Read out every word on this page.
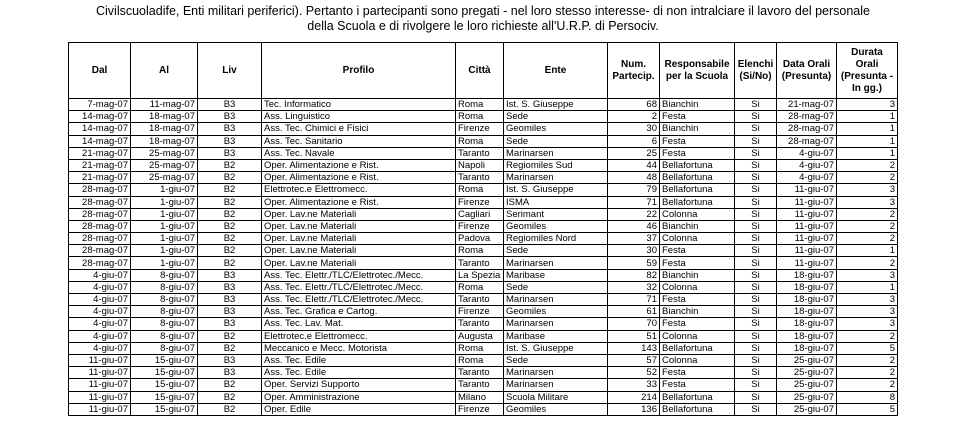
Civilscuoladife, Enti militari periferici). Pertanto i partecipanti sono pregati - nel loro stesso interesse- di non intralciare il lavoro del personale
della Scuola e di rivolgere le loro richieste all'U.R.P. di Persociv.
Dal	Al	Liv	Profilo	Città	Ente	Num. Partecip.	Responsabile per la Scuola	Elenchi (Si/No)	Data Orali (Presunta)	Durata Orali (Presunta - In gg.)
7-mag-07	11-mag-07	B3	Tec. Informatico	Roma	Ist. S. Giuseppe	68	Bianchin	Si	21-mag-07	3
14-mag-07	18-mag-07	B3	Ass. Linguistico	Roma	Sede	2	Festa	Si	28-mag-07	1
14-mag-07	18-mag-07	B3	Ass. Tec. Chimici e Fisici	Firenze	Geomiles	30	Bianchin	Si	28-mag-07	1
14-mag-07	18-mag-07	B3	Ass. Tec. Sanitario	Roma	Sede	6	Festa	Si	28-mag-07	1
21-mag-07	25-mag-07	B3	Ass. Tec. Navale	Taranto	Marinarsen	25	Festa	Si	4-giu-07	1
21-mag-07	25-mag-07	B2	Oper. Alimentazione e Rist.	Napoli	Regiomiles Sud	44	Bellafortuna	Si	4-giu-07	2
21-mag-07	25-mag-07	B2	Oper. Alimentazione e Rist.	Taranto	Marinarsen	48	Bellafortuna	Si	4-giu-07	2
28-mag-07	1-giu-07	B2	Elettrotec.e Elettromecc.	Roma	Ist. S. Giuseppe	79	Bellafortuna	Si	11-giu-07	3
28-mag-07	1-giu-07	B2	Oper. Alimentazione e Rist.	Firenze	ISMA	71	Bellafortuna	Si	11-giu-07	3
28-mag-07	1-giu-07	B2	Oper. Lav.ne Materiali	Cagliari	Serimant	22	Colonna	Si	11-giu-07	2
28-mag-07	1-giu-07	B2	Oper. Lav.ne Materiali	Firenze	Geomiles	46	Bianchin	Si	11-giu-07	2
28-mag-07	1-giu-07	B2	Oper. Lav.ne Materiali	Padova	Regiomiles Nord	37	Colonna	Si	11-giu-07	2
28-mag-07	1-giu-07	B2	Oper. Lav.ne Materiali	Roma	Sede	30	Festa	Si	11-giu-07	1
28-mag-07	1-giu-07	B2	Oper. Lav.ne Materiali	Taranto	Marinarsen	59	Festa	Si	11-giu-07	2
4-giu-07	8-giu-07	B3	Ass. Tec. Elettr./TLC/Elettrotec./Mecc.	La Spezia	Maribase	82	Bianchin	Si	18-giu-07	3
4-giu-07	8-giu-07	B3	Ass. Tec. Elettr./TLC/Elettrotec./Mecc.	Roma	Sede	32	Colonna	Si	18-giu-07	1
4-giu-07	8-giu-07	B3	Ass. Tec. Elettr./TLC/Elettrotec./Mecc.	Taranto	Marinarsen	71	Festa	Si	18-giu-07	3
4-giu-07	8-giu-07	B3	Ass. Tec. Grafica e Cartog.	Firenze	Geomiles	61	Bianchin	Si	18-giu-07	3
4-giu-07	8-giu-07	B3	Ass. Tec. Lav. Mat.	Taranto	Marinarsen	70	Festa	Si	18-giu-07	3
4-giu-07	8-giu-07	B2	Elettrotec.e Elettromecc.	Augusta	Maribase	51	Colonna	Si	18-giu-07	2
4-giu-07	8-giu-07	B2	Meccanico e Mecc. Motorista	Roma	Ist. S. Giuseppe	143	Bellafortuna	Si	18-giu-07	5
11-giu-07	15-giu-07	B3	Ass. Tec. Edile	Roma	Sede	57	Colonna	Si	25-giu-07	2
11-giu-07	15-giu-07	B3	Ass. Tec. Edile	Taranto	Marinarsen	52	Festa	Si	25-giu-07	2
11-giu-07	15-giu-07	B2	Oper. Servizi Supporto	Taranto	Marinarsen	33	Festa	Si	25-giu-07	2
11-giu-07	15-giu-07	B2	Oper. Amministrazione	Milano	Scuola Militare	214	Bellafortuna	Si	25-giu-07	8
11-giu-07	15-giu-07	B2	Oper. Edile	Firenze	Geomiles	136	Bellafortuna	Si	25-giu-07	5
